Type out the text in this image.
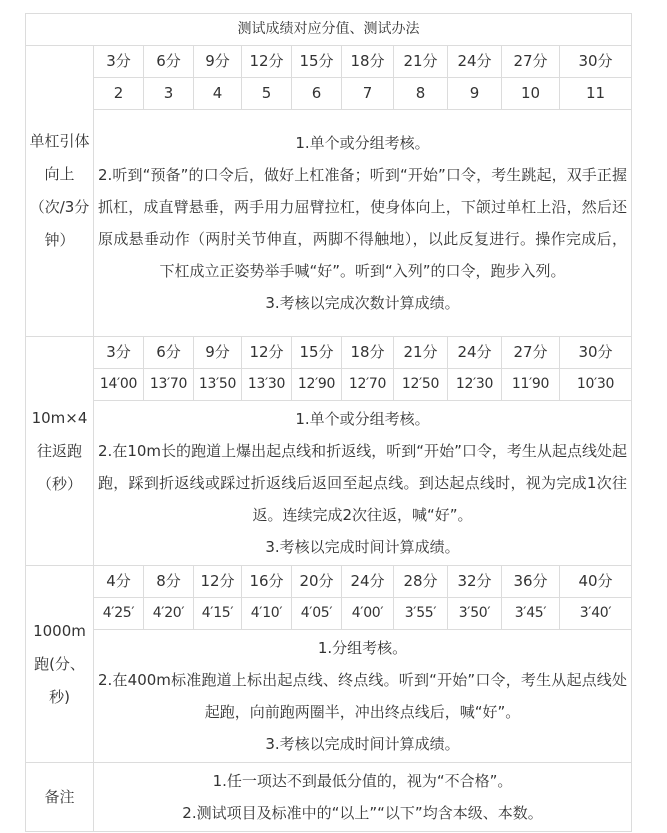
测试成绩对应分值、测试办法										
单杠引体向上（次/3分钟）	3分	6分	9分	12分	15分	18分	21分	24分	27分	30分
	2	3	4	5	6	7	8	9	10	11

	1.单个或分组考核。
2.听到“预备”的口令后，做好上杠准备；听到“开始”口令，考生跳起，双手正握抓杠，成直臂悬垂，两手用力屈臂拉杠，使身体向上，下颌过单杠上沿，然后还原成悬垂动作（两肘关节伸直，两脚不得触地），以此反复进行。操作完成后，下杠成立正姿势举手喊“好”。听到“入列”的口令，跑步入列。
3.考核以完成次数计算成绩。									

10m×4往返跑（秒）	3分	6分	9分	12分	15分	18分	21分	24分	27分	30分
	14′00	13′70	13′50	13′30	12′90	12′70	12′50	12′30	11′90	10′30

	1.单个或分组考核。
2.在10m长的跑道上爆出起点线和折返线，听到“开始”口令，考生从起点线处起跑，踩到折返线或踩过折返线后返回至起点线。到达起点线时，视为完成1次往返。连续完成2次往返，喊“好”。
3.考核以完成时间计算成绩。									

1000m跑(分、秒)	4分	8分	12分	16分	20分	24分	28分	32分	36分	40分
	4′25′	4′20′	4′15′	4′10′	4′05′	4′00′	3′55′	3′50′	3′45′	3′40′

	1.分组考核。
2.在400m标准跑道上标出起点线、终点线。听到“开始”口令，考生从起点线处起跑，向前跑两圈半，冲出终点线后，喊“好”。
3.考核以完成时间计算成绩。									

备注	1.任一项达不到最低分值的，视为“不合格”。
2.测试项目及标准中的“以上”“以下”均含本级、本数。									
